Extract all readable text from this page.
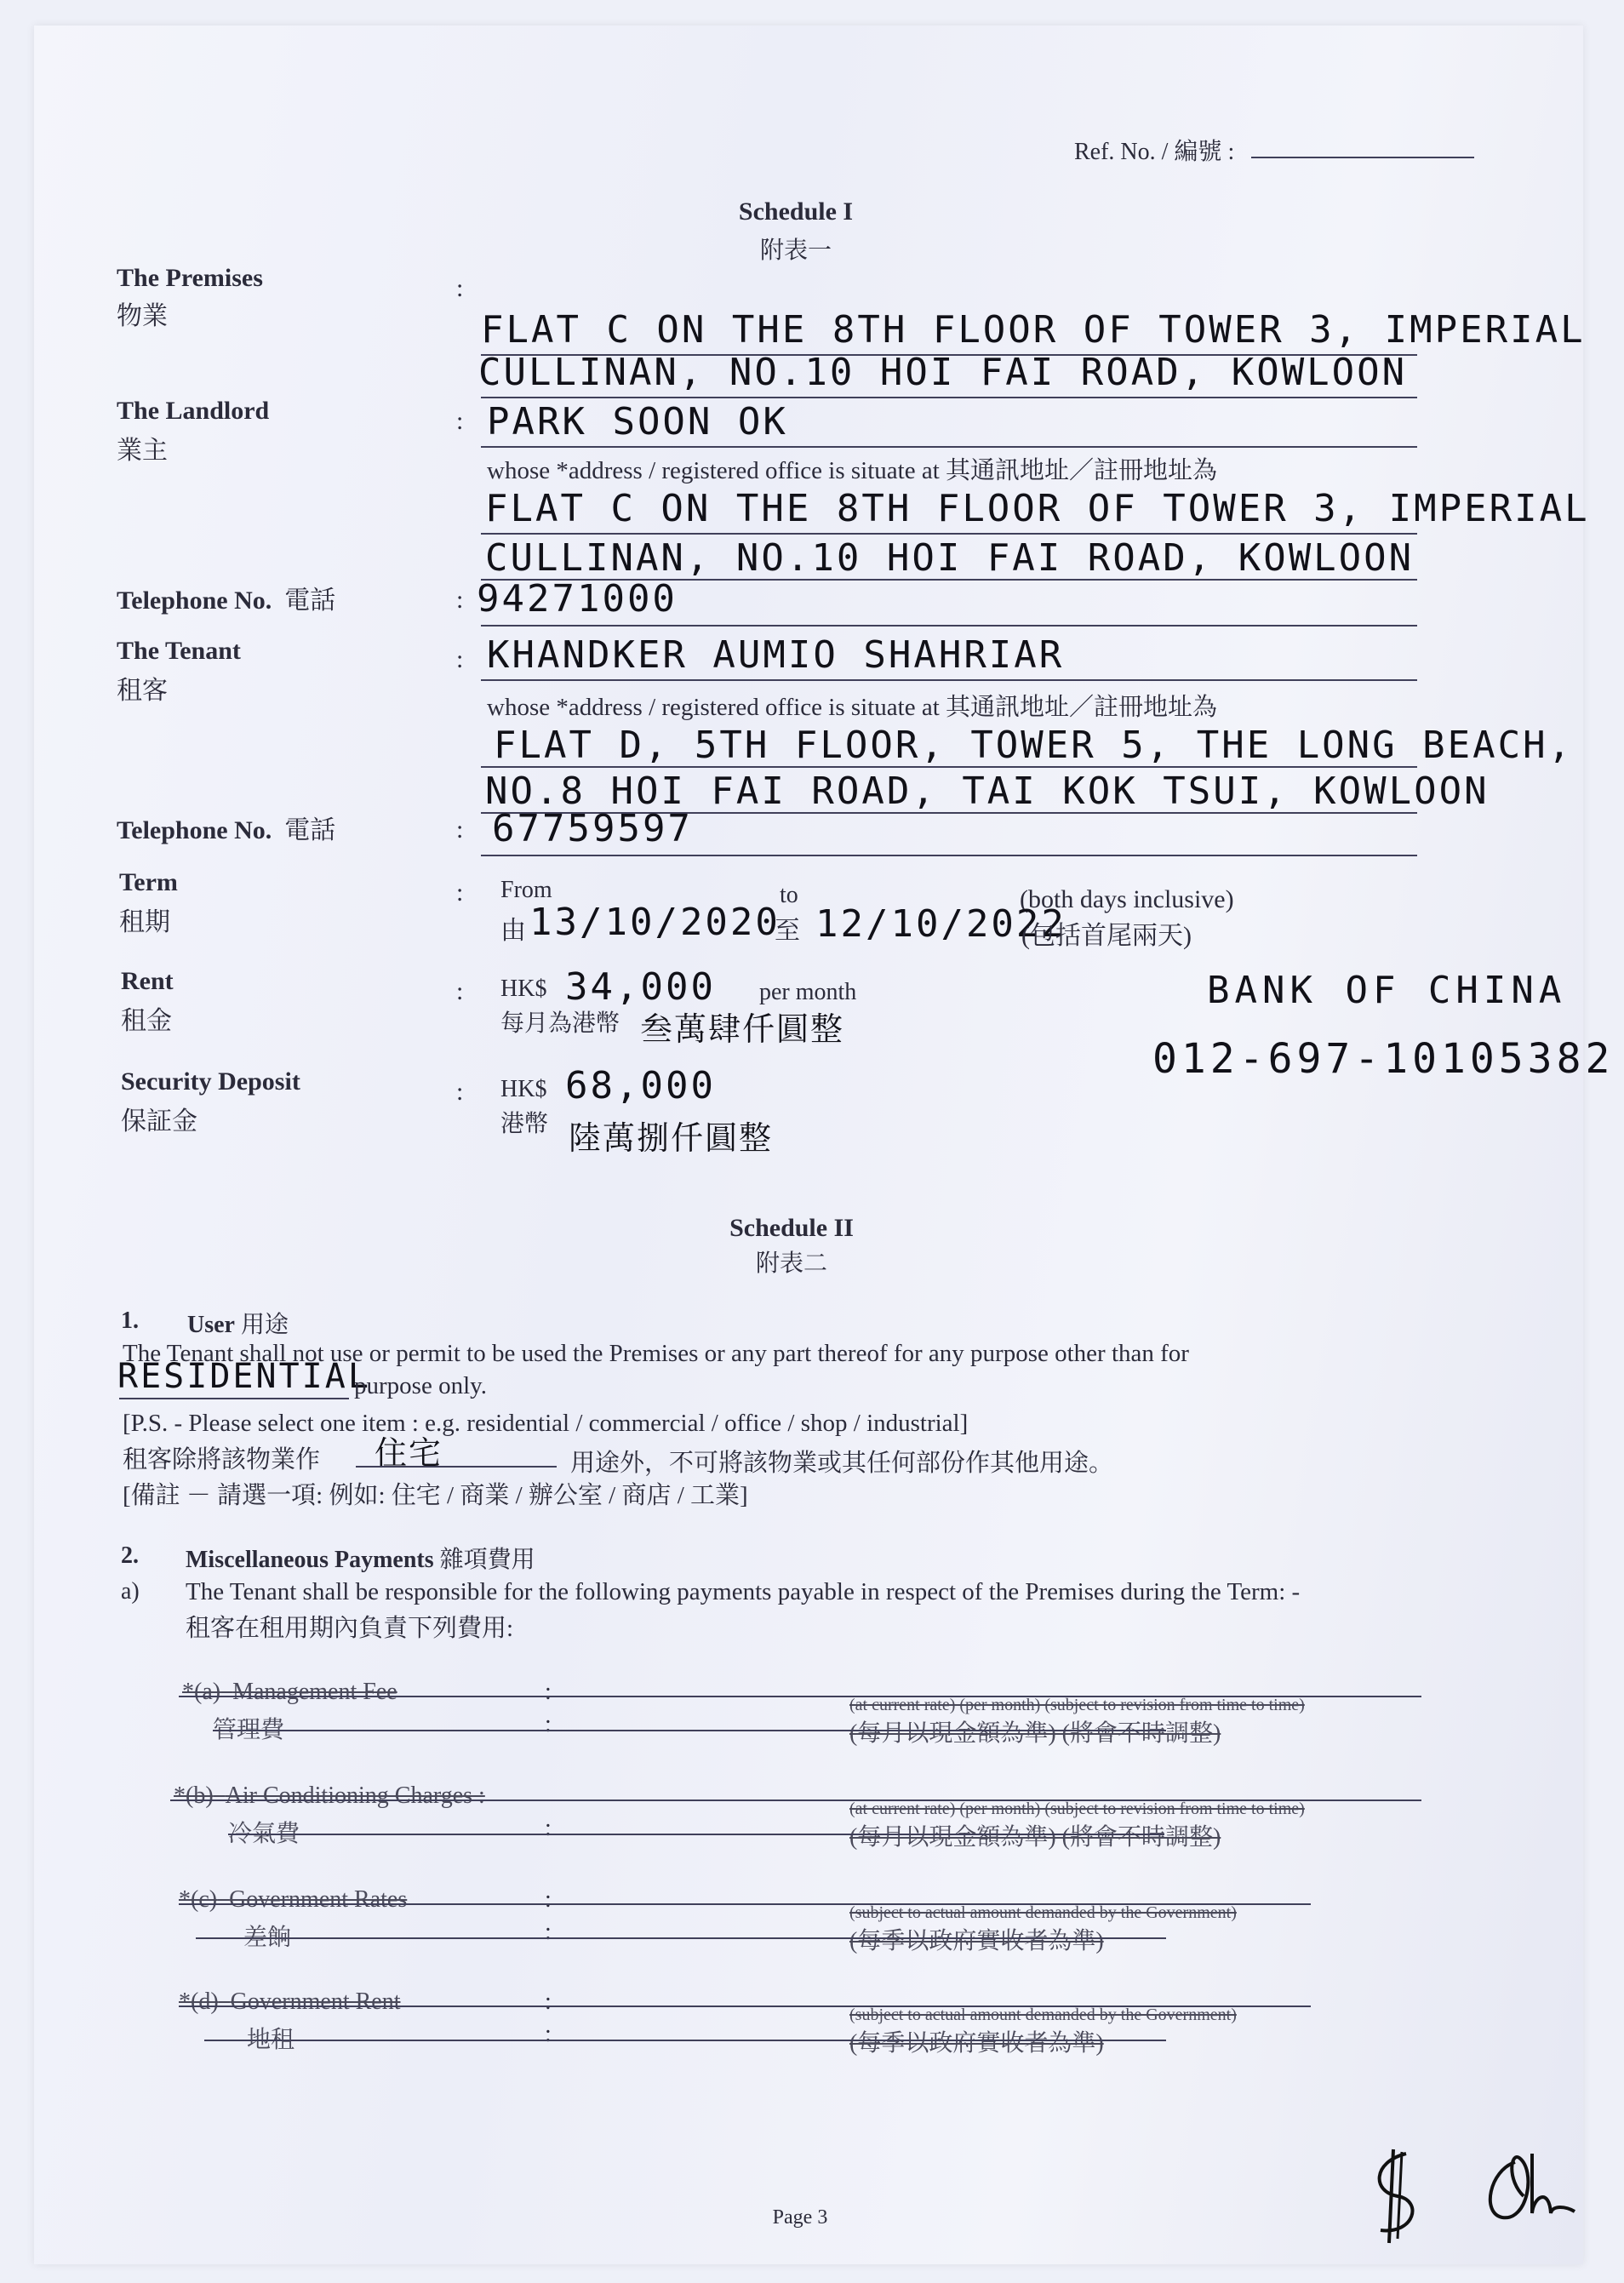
Ref. No. / 編號 :
Schedule I
附表一
The Premises
物業
:
FLAT C ON THE 8TH FLOOR OF TOWER 3, IMPERIAL
CULLINAN, NO.10 HOI FAI ROAD, KOWLOON
The Landlord
業主
: PARK SOON OK
whose *address / registered office is situate at 其通訊地址／註冊地址為
FLAT C ON THE 8TH FLOOR OF TOWER 3, IMPERIAL
CULLINAN, NO.10 HOI FAI ROAD, KOWLOON
Telephone No. 電話	: 94271000
The Tenant
租客
: KHANDKER AUMIO SHAHRIAR
whose *address / registered office is situate at 其通訊地址／註冊地址為
FLAT D, 5TH FLOOR, TOWER 5, THE LONG BEACH,
NO.8 HOI FAI ROAD, TAI KOK TSUI, KOWLOON
Telephone No. 電話	: 67759597
Term
租期
: From	to	(both days inclusive)
由 13/10/2020
至 12/10/2022
(包括首尾兩天)
Rent
租金
: HK$ 34,000 per month
每月為港幣 叁萬肆仟圓整
BANK OF CHINA
012-697-10105382
Security Deposit
保証金
: HK$ 68,000
港幣 陸萬捌仟圓整
Schedule II
附表二
1. User 用途
The Tenant shall not use or permit to be used the Premises or any part thereof for any purpose other than for
RESIDENTIAL
purpose only.
[P.S. - Please select one item : e.g. residential / commercial / office / shop / industrial]
租客除將該物業作 住宅	用途外，不可將該物業或其任何部份作其他用途。
[備註 － 請選一項: 例如: 住宅 / 商業 / 辦公室 / 商店 / 工業]
2. Miscellaneous Payments 雜項費用
a) The Tenant shall be responsible for the following payments payable in respect of the Premises during the Term: -
租客在租用期內負責下列費用:
*(a) Management Fee
管理費
:
:
(at current rate) (per month) (subject to revision from time to time)
(每月以現金額為準) (將會不時調整)
*(b) Air Conditioning Charges :
冷氣費	:
(at current rate) (per month) (subject to revision from time to time)
(每月以現金額為準) (將會不時調整)
*(c) Government Rates
差餉
:
:
(subject to actual amount demanded by the Government)
(每季以政府實收者為準)
*(d) Government Rent
地租
:
:
(subject to actual amount demanded by the Government)
(每季以政府實收者為準)
Page 3
